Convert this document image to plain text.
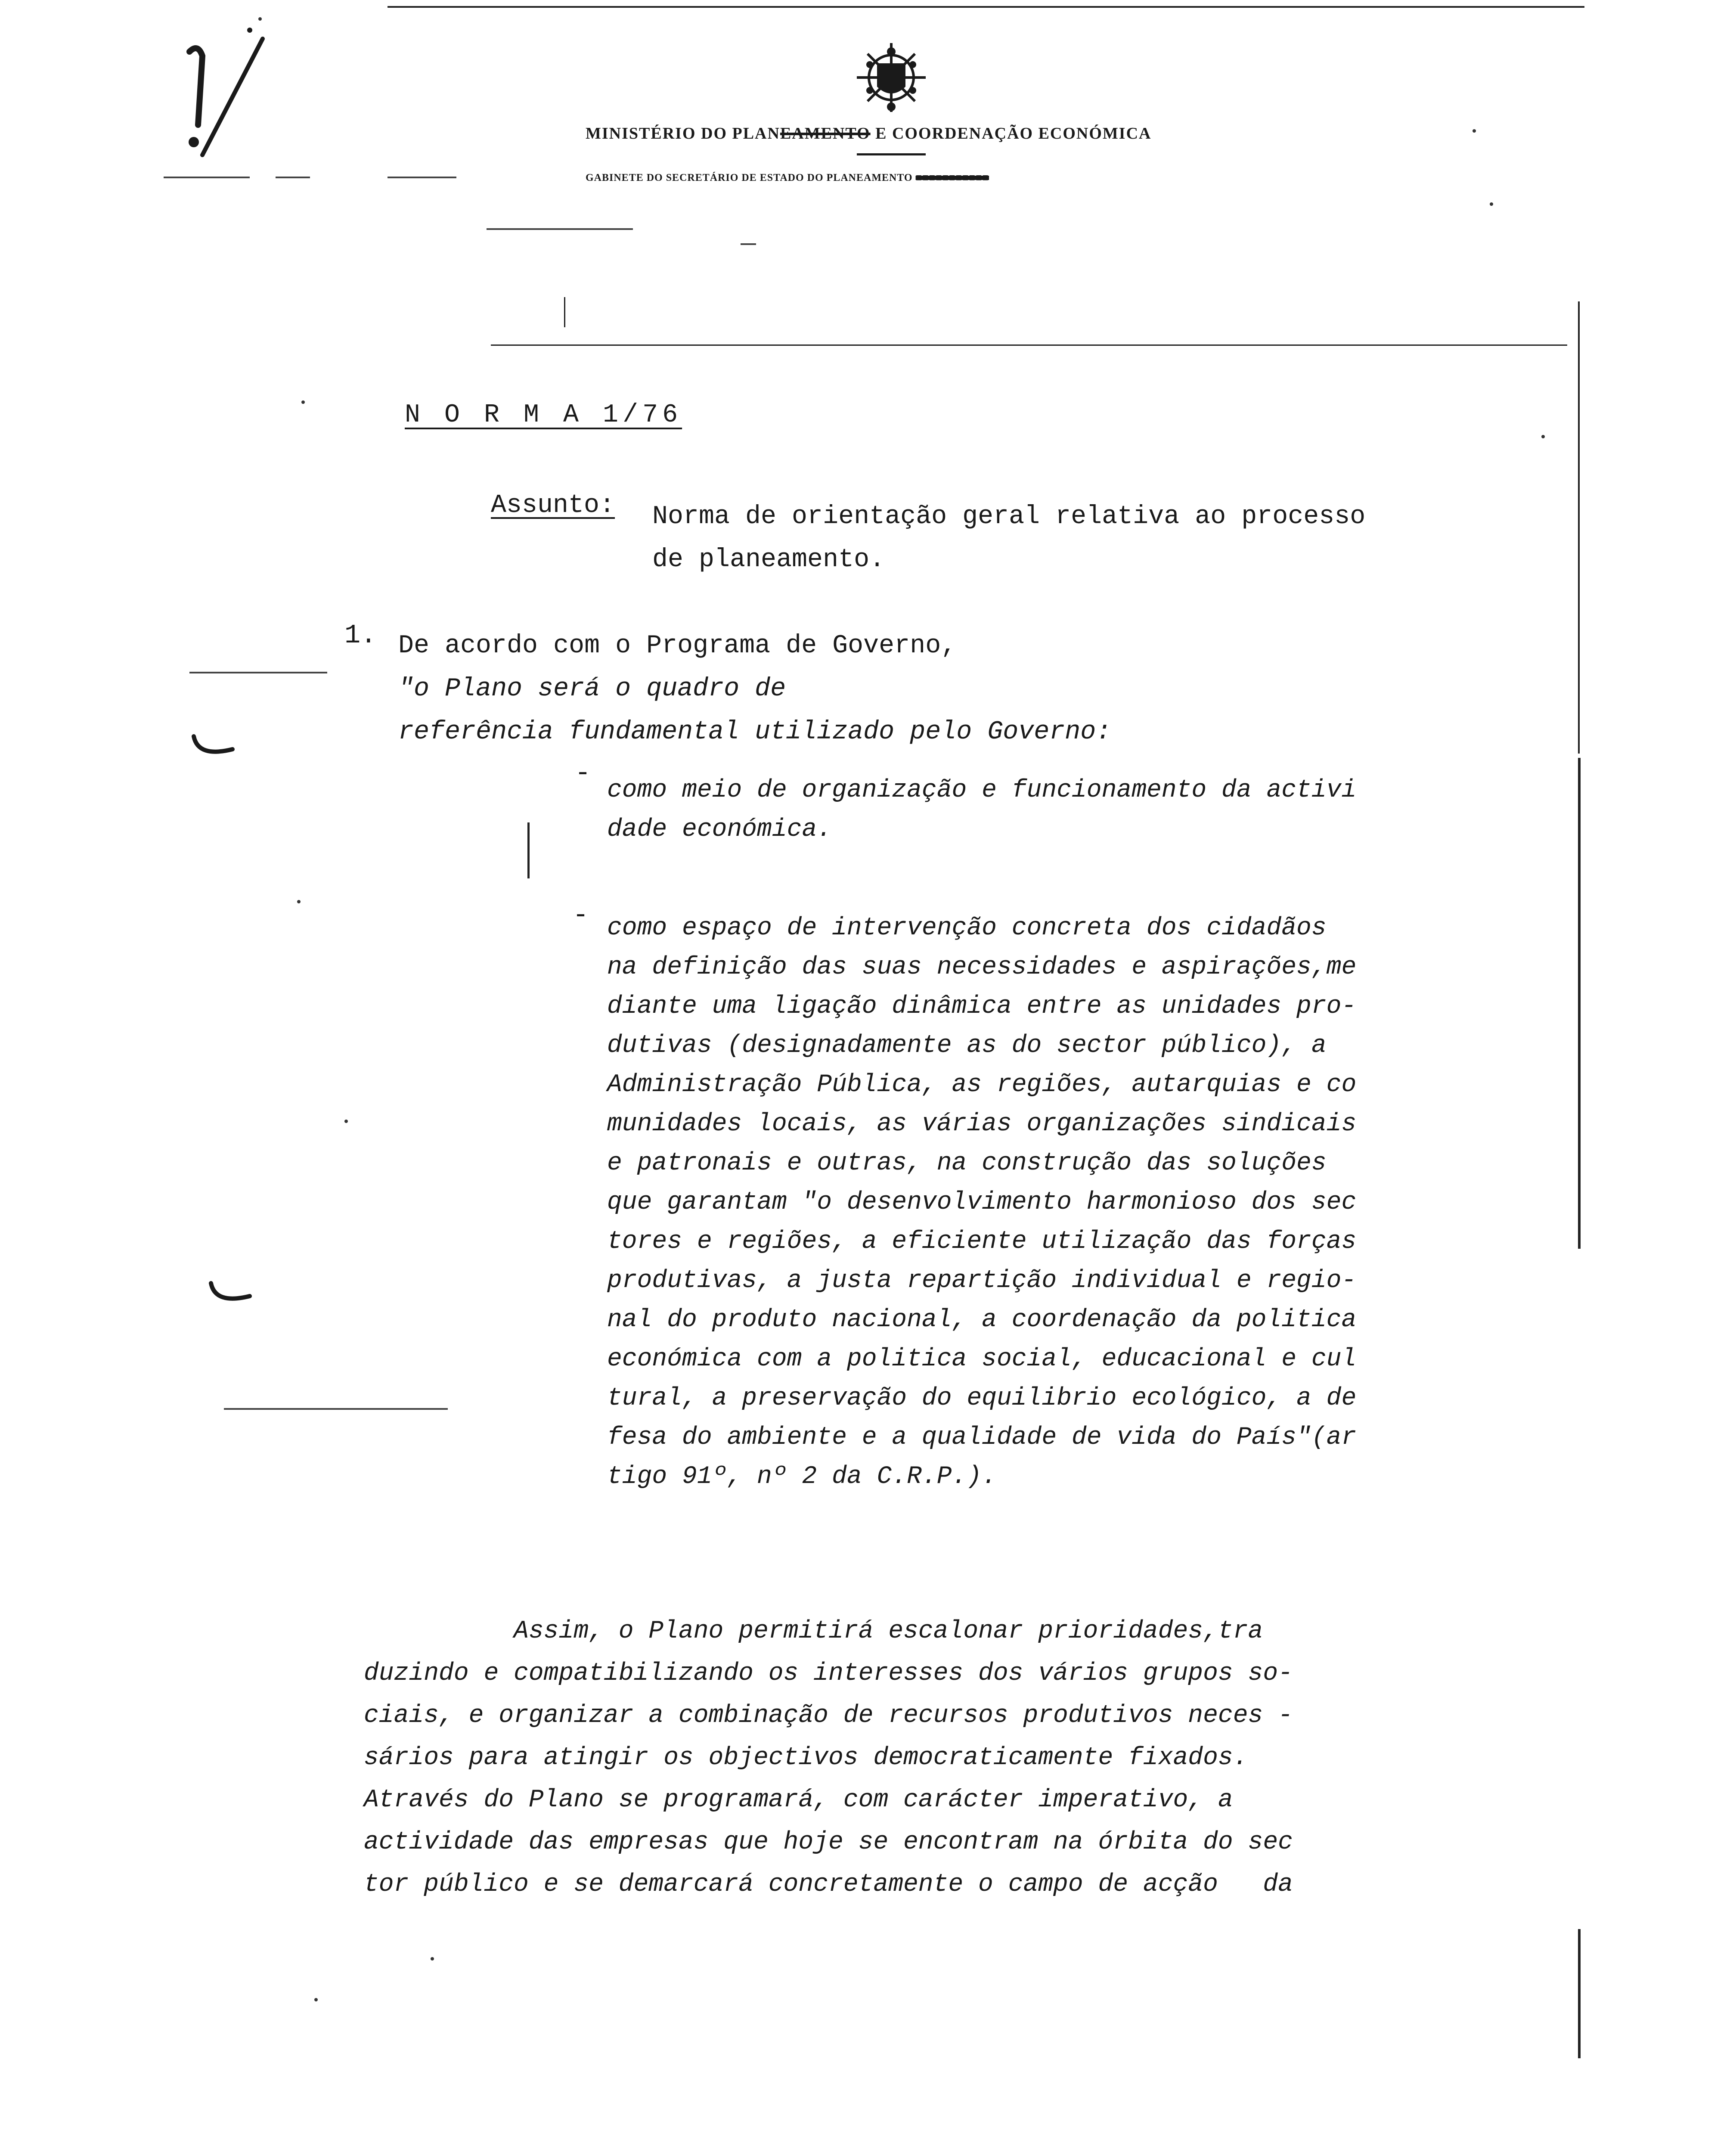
MINISTÉRIO DO PLANEAMENTO E COORDENAÇÃO ECONÓMICA
GABINETE DO SECRETÁRIO DE ESTADO DO PLANEAMENTO ■■■■■■■■■■■
N O R M A 1/76
Assunto: Norma de orientação geral relativa ao processo
de planeamento.
1. De acordo com o Programa de Governo,
"o Plano será o quadro de
referência fundamental utilizado pelo Governo:
-
como meio de organização e funcionamento da activi
dade económica.
- como espaço de intervenção concreta dos cidadãos
na definição das suas necessidades e aspirações,me
diante uma ligação dinâmica entre as unidades pro-
dutivas (designadamente as do sector público), a
Administração Pública, as regiões, autarquias e co
munidades locais, as várias organizações sindicais
e patronais e outras, na construção das soluções
que garantam "o desenvolvimento harmonioso dos sec
tores e regiões, a eficiente utilização das forças
produtivas, a justa repartição individual e regio-
nal do produto nacional, a coordenação da politica
económica com a politica social, educacional e cul
tural, a preservação do equilibrio ecológico, a de
fesa do ambiente e a qualidade de vida do País"(ar
tigo 91º, nº 2 da C.R.P.).
Assim, o Plano permitirá escalonar prioridades,tra
duzindo e compatibilizando os interesses dos vários grupos so-
ciais, e organizar a combinação de recursos produtivos neces -
sários para atingir os objectivos democraticamente fixados.
Através do Plano se programará, com carácter imperativo, a
actividade das empresas que hoje se encontram na órbita do sec
tor público e se demarcará concretamente o campo de acção   da
